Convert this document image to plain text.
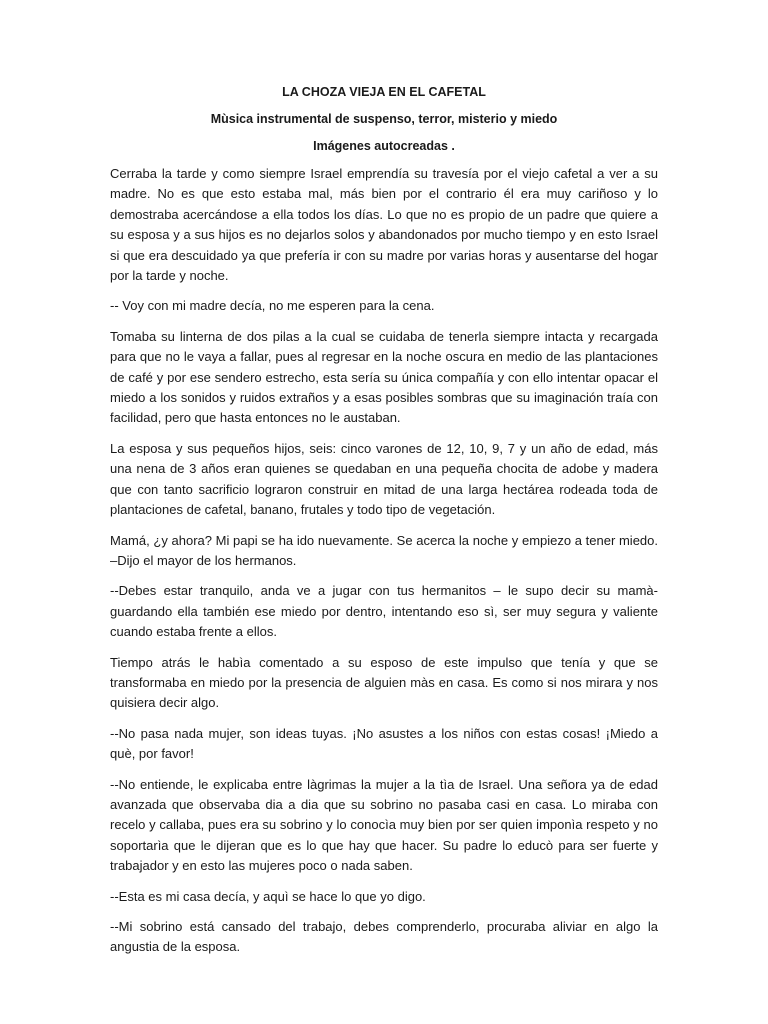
LA CHOZA VIEJA EN EL CAFETAL
Mùsica instrumental de suspenso, terror, misterio y miedo
Imágenes autocreadas .

Cerraba la tarde y como siempre Israel emprendía su travesía por el viejo cafetal a ver a su madre. No es que esto estaba mal, más bien por el contrario él era muy cariñoso y lo demostraba acercándose a ella todos los días. Lo que no es propio de un padre que quiere a su esposa y a sus hijos es no dejarlos solos y abandonados por mucho tiempo y en esto Israel si que era descuidado ya que prefería ir con su madre por varias horas y ausentarse del hogar por la tarde y noche.

-- Voy con mi madre decía, no me esperen para la cena.

Tomaba su linterna de dos pilas a la cual se cuidaba de tenerla siempre intacta y recargada para que no le vaya a fallar, pues al regresar en la noche oscura en medio de las plantaciones de café y por ese sendero estrecho, esta sería su única compañía y con ello intentar opacar el miedo a los sonidos y ruidos extraños y a esas posibles sombras que su imaginación traía con facilidad, pero que hasta entonces no le austaban.

La esposa y sus pequeños hijos, seis: cinco varones de 12, 10, 9, 7 y un año de edad, más una nena de 3 años eran quienes se quedaban en una pequeña chocita de adobe y madera que con tanto sacrificio lograron construir en mitad de una larga hectárea rodeada toda de plantaciones de cafetal, banano, frutales y todo tipo de vegetación.

Mamá, ¿y ahora? Mi papi se ha ido nuevamente. Se acerca la noche y empiezo a tener miedo. –Dijo el mayor de los hermanos.

--Debes estar tranquilo, anda ve a jugar con tus hermanitos – le supo decir su mamà- guardando ella también ese miedo por dentro, intentando eso sì, ser muy segura y valiente cuando estaba frente a ellos.

Tiempo atrás le habìa comentado a su esposo de este impulso que tenía y que se transformaba en miedo por la presencia de alguien màs en casa. Es como si nos mirara y nos quisiera decir algo.

--No pasa nada mujer, son ideas tuyas. ¡No asustes a los niños con estas cosas! ¡Miedo a què, por favor!

--No entiende, le explicaba entre làgrimas la mujer a la tìa de Israel. Una señora ya de edad avanzada que observaba dia a dia que su sobrino no pasaba casi en casa. Lo miraba con recelo y callaba, pues era su sobrino y lo conocìa muy bien por ser quien imponìa respeto y no soportarìa que le dijeran que es lo que hay que hacer. Su padre lo educò para ser fuerte y trabajador y en esto las mujeres poco o nada saben.

--Esta es mi casa decía, y aquì se hace lo que yo digo.

--Mi sobrino está cansado del trabajo, debes comprenderlo, procuraba aliviar en algo la angustia de la esposa.
